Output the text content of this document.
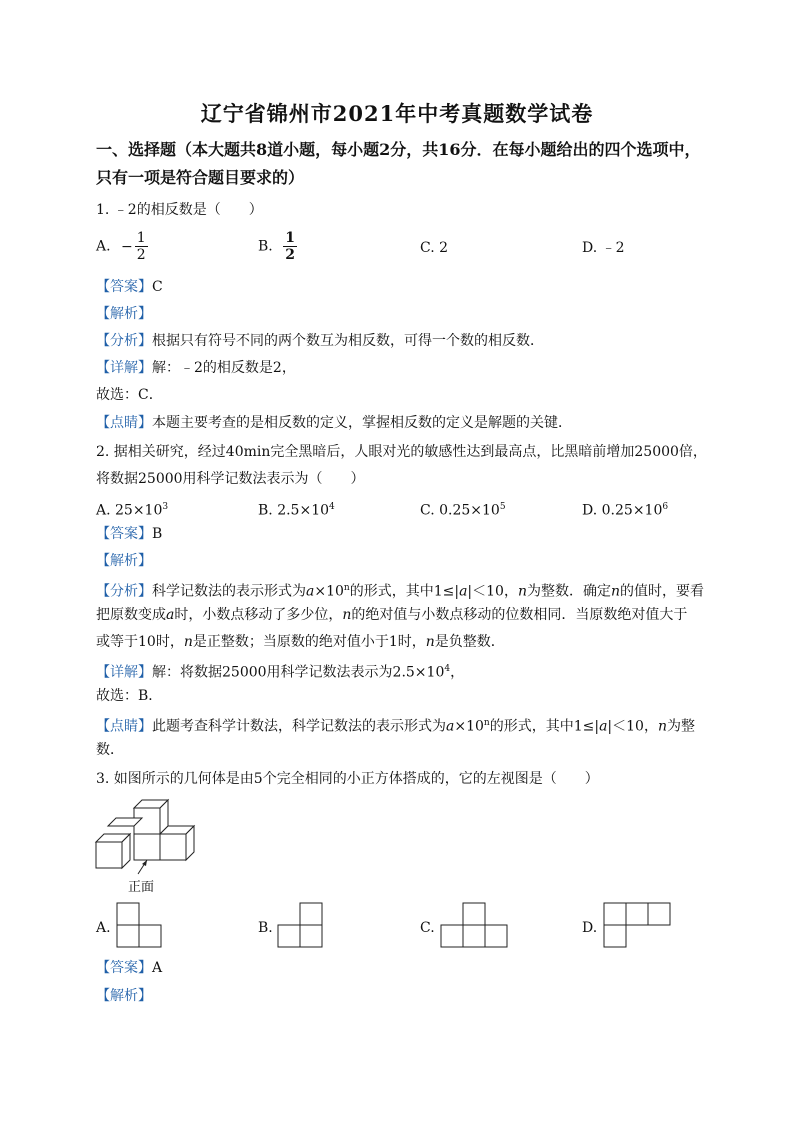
辽宁省锦州市2021年中考真题数学试卷
一、选择题（本大题共8道小题，每小题2分，共16分．在每小题给出的四个选项中，
只有一项是符合题目要求的）
1. ﹣2的相反数是（　　）
A. − $\frac{1}{2}$	B. $\frac{1}{2}$	C. 2	D. ﹣2
【答案】C
【解析】
【分析】根据只有符号不同的两个数互为相反数，可得一个数的相反数．
【详解】解：﹣2的相反数是2，
故选：C．
【点睛】本题主要考查的是相反数的定义，掌握相反数的定义是解题的关键．
2. 据相关研究，经过40min完全黑暗后，人眼对光的敏感性达到最高点，比黑暗前增加25000倍，
将数据25000用科学记数法表示为（　　）
A. $25\times 10^3$	B. $2.5\times 10^4$	C. $0.25\times 10^5$	D. $0.25\times 10^6$
【答案】B
【解析】
【分析】科学记数法的表示形式为$a\times 10^n$的形式，其中1≤|a|＜10，n为整数．确定n的值时，要看
把原数变成a时，小数点移动了多少位，n的绝对值与小数点移动的位数相同．当原数绝对值大于
或等于10时，n是正整数；当原数的绝对值小于1时，n是负整数．
【详解】解：将数据25000用科学记数法表示为$2.5\times 10^4$，
故选：B．
【点睛】此题考查科学计数法，科学记数法的表示形式为$a\times 10^n$的形式，其中1≤|a|＜10，n为整
数．
3. 如图所示的几何体是由5个完全相同的小正方体搭成的，它的左视图是（　　）
正面
A.	B.	C.	D.
【答案】A
【解析】
